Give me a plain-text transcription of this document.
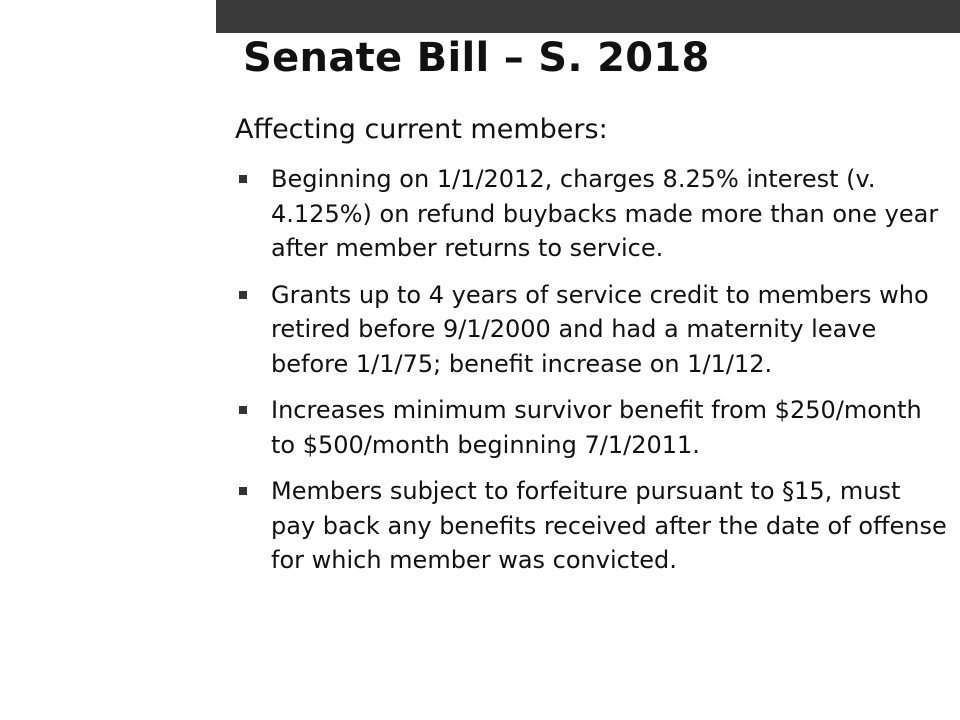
Senate Bill – S. 2018
Affecting current members:
Beginning on 1/1/2012, charges 8.25% interest (v. 4.125%) on refund buybacks made more than one year after member returns to service.
Grants up to 4 years of service credit to members who retired before 9/1/2000 and had a maternity leave before 1/1/75; benefit increase on 1/1/12.
Increases minimum survivor benefit from $250/month to $500/month beginning 7/1/2011.
Members subject to forfeiture pursuant to §15, must pay back any benefits received after the date of offense for which member was convicted.
